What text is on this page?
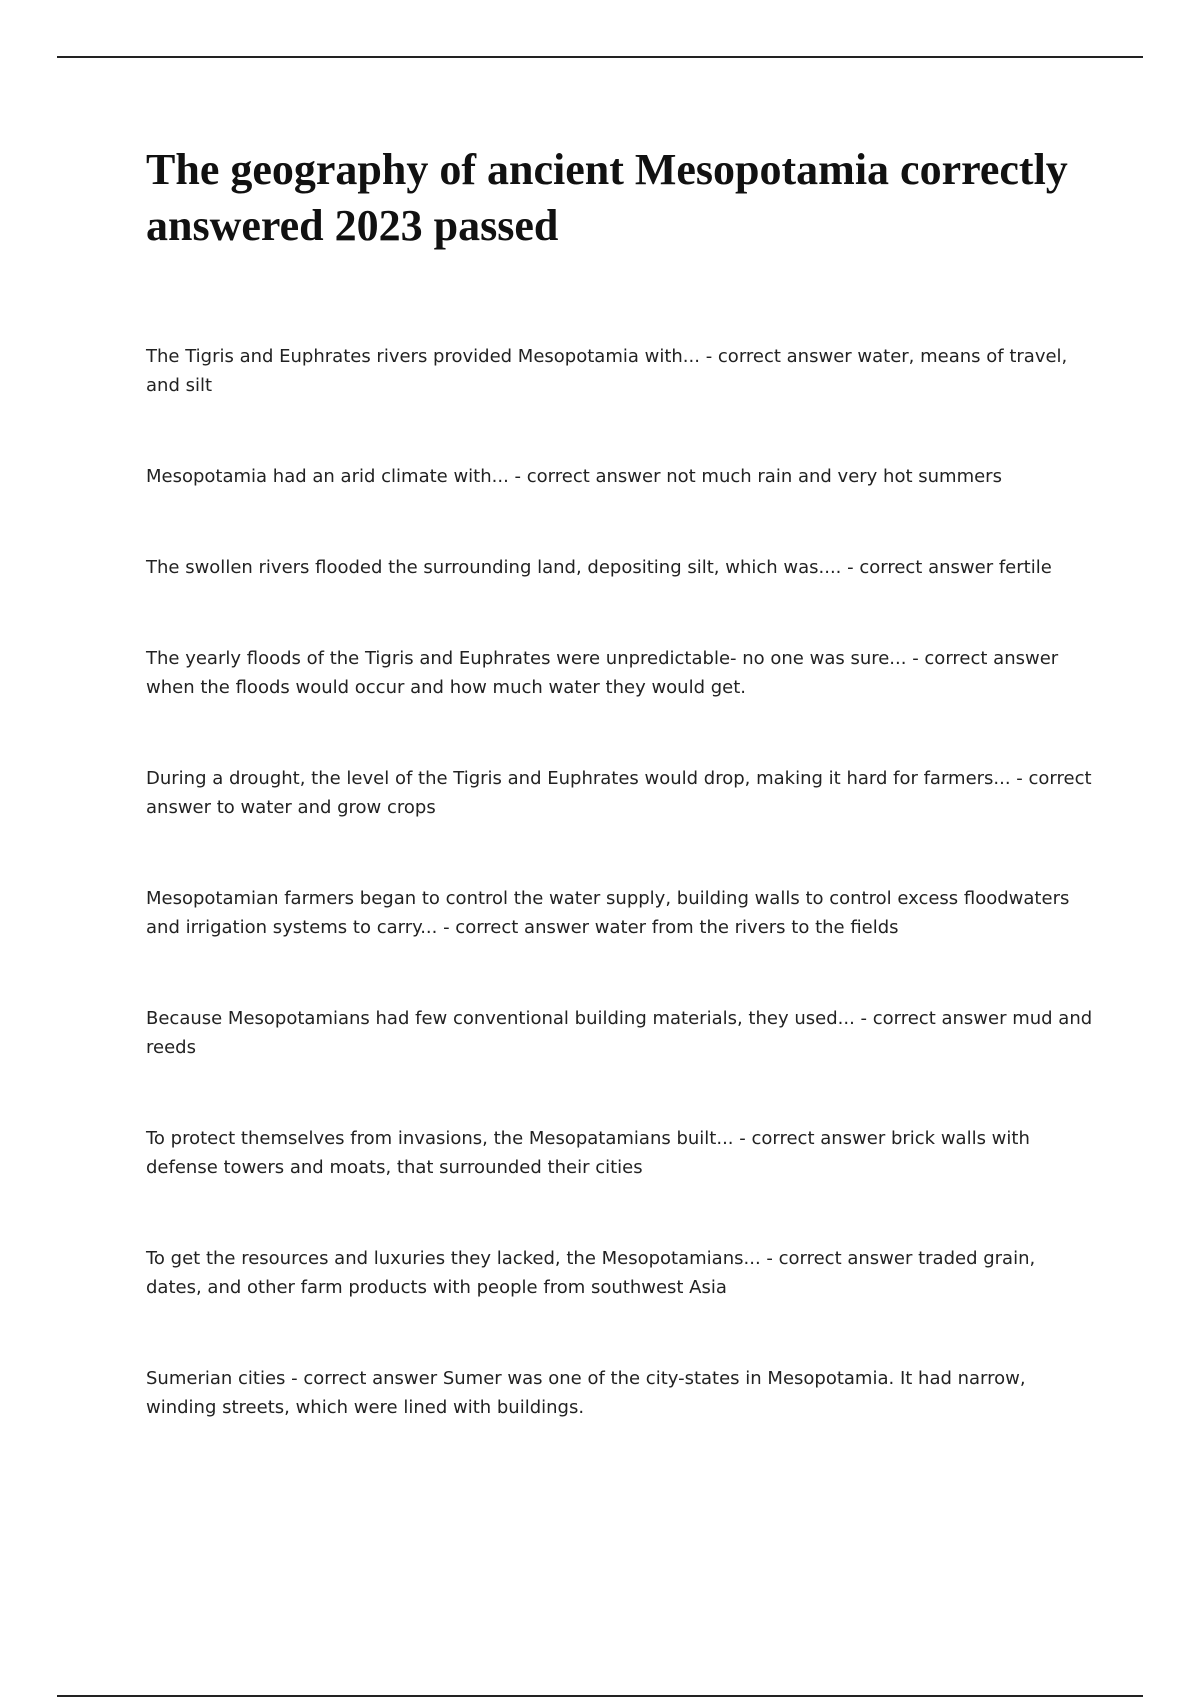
The geography of ancient Mesopotamia correctly answered 2023 passed

The Tigris and Euphrates rivers provided Mesopotamia with... - correct answer water, means of travel, and silt

Mesopotamia had an arid climate with... - correct answer not much rain and very hot summers

The swollen rivers flooded the surrounding land, depositing silt, which was.... - correct answer fertile

The yearly floods of the Tigris and Euphrates were unpredictable- no one was sure... - correct answer when the floods would occur and how much water they would get.

During a drought, the level of the Tigris and Euphrates would drop, making it hard for farmers... - correct answer to water and grow crops

Mesopotamian farmers began to control the water supply, building walls to control excess floodwaters and irrigation systems to carry... - correct answer water from the rivers to the fields

Because Mesopotamians had few conventional building materials, they used... - correct answer mud and reeds

To protect themselves from invasions, the Mesopatamians built... - correct answer brick walls with defense towers and moats, that surrounded their cities

To get the resources and luxuries they lacked, the Mesopotamians... - correct answer traded grain, dates, and other farm products with people from southwest Asia

Sumerian cities - correct answer Sumer was one of the city-states in Mesopotamia. It had narrow, winding streets, which were lined with buildings.
